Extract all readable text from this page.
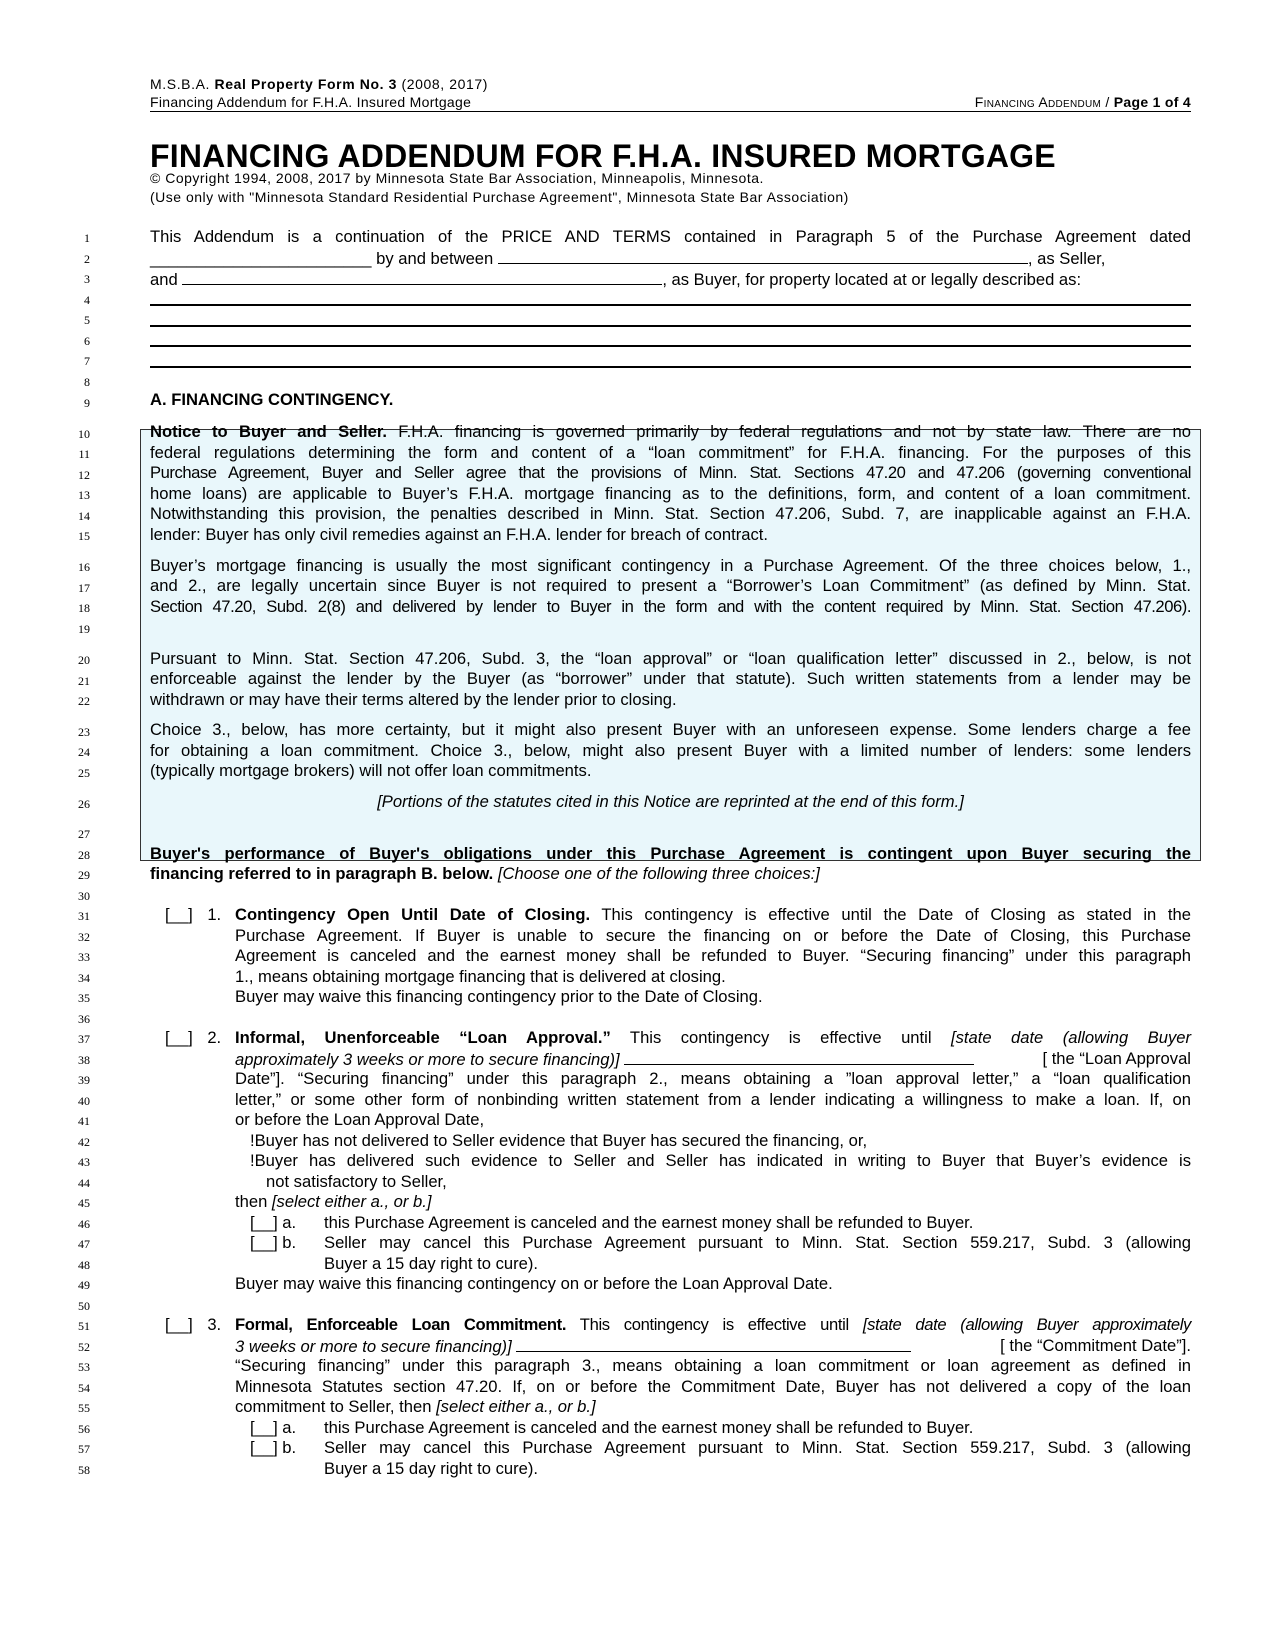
M.S.B.A. Real Property Form No. 3 (2008, 2017)
Financing Addendum for F.H.A. Insured Mortgage	Financing Addendum / Page 1 of 4
FINANCING ADDENDUM FOR F.H.A. INSURED MORTGAGE
© Copyright 1994, 2008, 2017 by Minnesota State Bar Association, Minneapolis, Minnesota.
(Use only with "Minnesota Standard Residential Purchase Agreement", Minnesota State Bar Association)
1
2
3
4
5
6
7
8
9
10
11
12
13
14
15
16
17
18
19
20
21
22
23
24
25
26
27
28
29
30
31
32
33
34
35
36
37
38
39
40
41
42
43
44
45
46
47
48
49
50
51
52
53
54
55
56
57
58
This Addendum is a continuation of the PRICE AND TERMS contained in Paragraph 5 of the Purchase Agreement dated
________________________ by and between	, as Seller,
and	, as Buyer, for property located at or legally described as:
A. FINANCING CONTINGENCY.
Notice to Buyer and Seller. F.H.A. financing is governed primarily by federal regulations and not by state law. There are no
federal regulations determining the form and content of a “loan commitment” for F.H.A. financing. For the purposes of this
Purchase Agreement, Buyer and Seller agree that the provisions of Minn. Stat. Sections 47.20 and 47.206 (governing conventional
home loans) are applicable to Buyer’s F.H.A. mortgage financing as to the definitions, form, and content of a loan commitment.
Notwithstanding this provision, the penalties described in Minn. Stat. Section 47.206, Subd. 7, are inapplicable against an F.H.A.
lender: Buyer has only civil remedies against an F.H.A. lender for breach of contract.
Buyer’s mortgage financing is usually the most significant contingency in a Purchase Agreement. Of the three choices below, 1.,
and 2., are legally uncertain since Buyer is not required to present a “Borrower’s Loan Commitment” (as defined by Minn. Stat.
Section 47.20, Subd. 2(8) and delivered by lender to Buyer in the form and with the content required by Minn. Stat. Section 47.206).
Pursuant to Minn. Stat. Section 47.206, Subd. 3, the “loan approval” or “loan qualification letter” discussed in 2., below, is not
enforceable against the lender by the Buyer (as “borrower” under that statute). Such written statements from a lender may be
withdrawn or may have their terms altered by the lender prior to closing.
Choice 3., below, has more certainty, but it might also present Buyer with an unforeseen expense. Some lenders charge a fee
for obtaining a loan commitment. Choice 3., below, might also present Buyer with a limited number of lenders: some lenders
(typically mortgage brokers) will not offer loan commitments.
[Portions of the statutes cited in this Notice are reprinted at the end of this form.]
Buyer's performance of Buyer's obligations under this Purchase Agreement is contingent upon Buyer securing the
financing referred to in paragraph B. below. [Choose one of the following three choices:]
[__] 1. Contingency Open Until Date of Closing. This contingency is effective until the Date of Closing as stated in the
Purchase Agreement. If Buyer is unable to secure the financing on or before the Date of Closing, this Purchase
Agreement is canceled and the earnest money shall be refunded to Buyer. “Securing financing” under this paragraph
1., means obtaining mortgage financing that is delivered at closing.
Buyer may waive this financing contingency prior to the Date of Closing.
[__] 2. Informal, Unenforceable “Loan Approval.” This contingency is effective until [state date (allowing Buyer
approximately 3 weeks or more to secure financing)]	[ the “Loan Approval
Date”]. “Securing financing” under this paragraph 2., means obtaining a ”loan approval letter,” a “loan qualification
letter,” or some other form of nonbinding written statement from a lender indicating a willingness to make a loan. If, on
or before the Loan Approval Date,
!Buyer has not delivered to Seller evidence that Buyer has secured the financing, or,
!Buyer has delivered such evidence to Seller and Seller has indicated in writing to Buyer that Buyer’s evidence is
not satisfactory to Seller,
then [select either a., or b.]
[__] a.	this Purchase Agreement is canceled and the earnest money shall be refunded to Buyer.
[__] b.	Seller may cancel this Purchase Agreement pursuant to Minn. Stat. Section 559.217, Subd. 3 (allowing
Buyer a 15 day right to cure).
Buyer may waive this financing contingency on or before the Loan Approval Date.
[__] 3. Formal, Enforceable Loan Commitment. This contingency is effective until [state date (allowing Buyer approximately
3 weeks or more to secure financing)]	[ the “Commitment Date”].
“Securing financing” under this paragraph 3., means obtaining a loan commitment or loan agreement as defined in
Minnesota Statutes section 47.20. If, on or before the Commitment Date, Buyer has not delivered a copy of the loan
commitment to Seller, then [select either a., or b.]
[__] a.	this Purchase Agreement is canceled and the earnest money shall be refunded to Buyer.
[__] b.	Seller may cancel this Purchase Agreement pursuant to Minn. Stat. Section 559.217, Subd. 3 (allowing
Buyer a 15 day right to cure).
